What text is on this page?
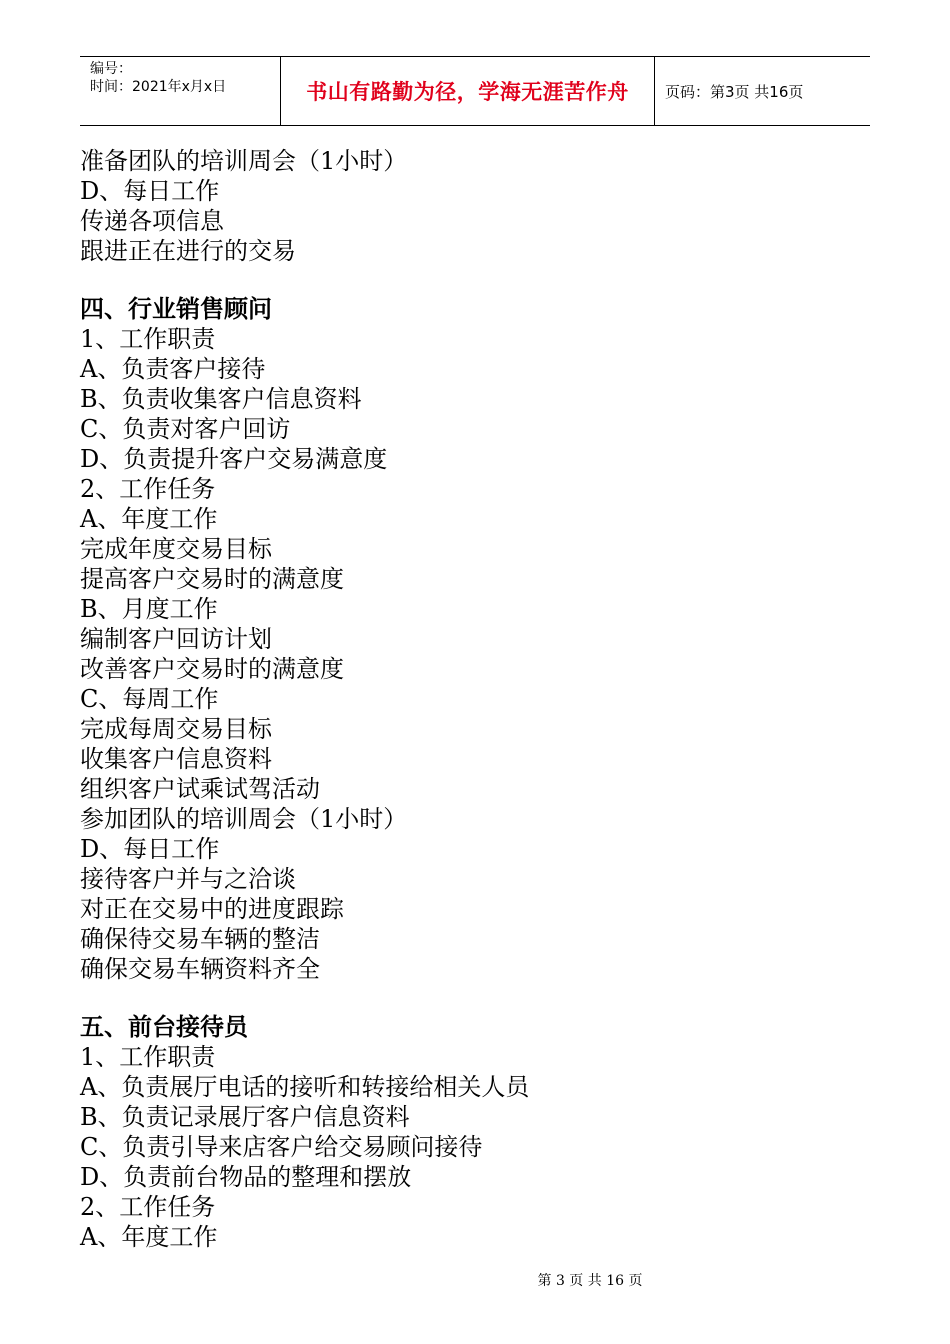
编号：
时间：2021年x月x日	书山有路勤为径，学海无涯苦作舟 页码：第3页 共16页
准备团队的培训周会（1小时）
D、每日工作
传递各项信息
跟进正在进行的交易
四、行业销售顾问
1、工作职责
A、负责客户接待
B、负责收集客户信息资料
C、负责对客户回访
D、负责提升客户交易满意度
2、工作任务
A、年度工作
完成年度交易目标
提高客户交易时的满意度
B、月度工作
编制客户回访计划
改善客户交易时的满意度
C、每周工作
完成每周交易目标
收集客户信息资料
组织客户试乘试驾活动
参加团队的培训周会（1小时）
D、每日工作
接待客户并与之洽谈
对正在交易中的进度跟踪
确保待交易车辆的整洁
确保交易车辆资料齐全
五、前台接待员
1、工作职责
A、负责展厅电话的接听和转接给相关人员
B、负责记录展厅客户信息资料
C、负责引导来店客户给交易顾问接待
D、负责前台物品的整理和摆放
2、工作任务
A、年度工作
第 3 页 共 16 页
